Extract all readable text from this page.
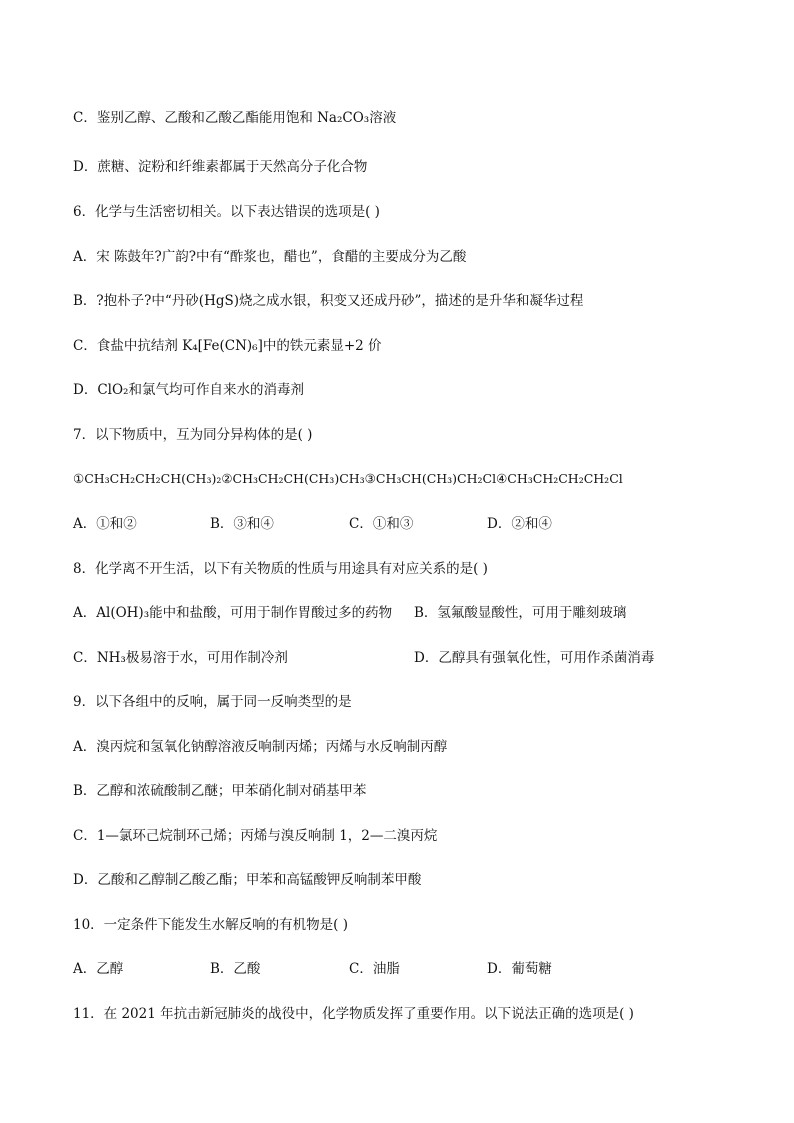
C．鉴别乙醇、乙酸和乙酸乙酯能用饱和 Na₂CO₃溶液
D．蔗糖、淀粉和纤维素都属于天然高分子化合物
6．化学与生活密切相关。以下表达错误的选项是( )
A．宋 陈鼓年?广韵?中有“酢浆也，醋也”，食醋的主要成分为乙酸
B．?抱朴子?中“丹砂(HgS)烧之成水银，积变又还成丹砂”，描述的是升华和凝华过程
C．食盐中抗结剂 K₄[Fe(CN)₆]中的铁元素显+2 价
D．ClO₂和氯气均可作自来水的消毒剂
7．以下物质中，互为同分异构体的是( )
①CH₃CH₂CH₂CH(CH₃)₂②CH₃CH₂CH(CH₃)CH₃③CH₃CH(CH₃)CH₂Cl④CH₃CH₂CH₂CH₂Cl
A．①和②	B．③和④	C．①和③	D．②和④
8．化学离不开生活，以下有关物质的性质与用途具有对应关系的是( )
A．Al(OH)₃能中和盐酸，可用于制作胃酸过多的药物 B．氢氟酸显酸性，可用于雕刻玻璃
C．NH₃极易溶于水，可用作制冷剂	D．乙醇具有强氧化性，可用作杀菌消毒
9．以下各组中的反响，属于同一反响类型的是
A．溴丙烷和氢氧化钠醇溶液反响制丙烯；丙烯与水反响制丙醇
B．乙醇和浓硫酸制乙醚；甲苯硝化制对硝基甲苯
C．1—氯环己烷制环己烯；丙烯与溴反响制 1，2—二溴丙烷
D．乙酸和乙醇制乙酸乙酯；甲苯和高锰酸钾反响制苯甲酸
10．一定条件下能发生水解反响的有机物是( )
A．乙醇	B．乙酸	C．油脂	D．葡萄糖
11．在 2021 年抗击新冠肺炎的战役中，化学物质发挥了重要作用。以下说法正确的选项是( )
